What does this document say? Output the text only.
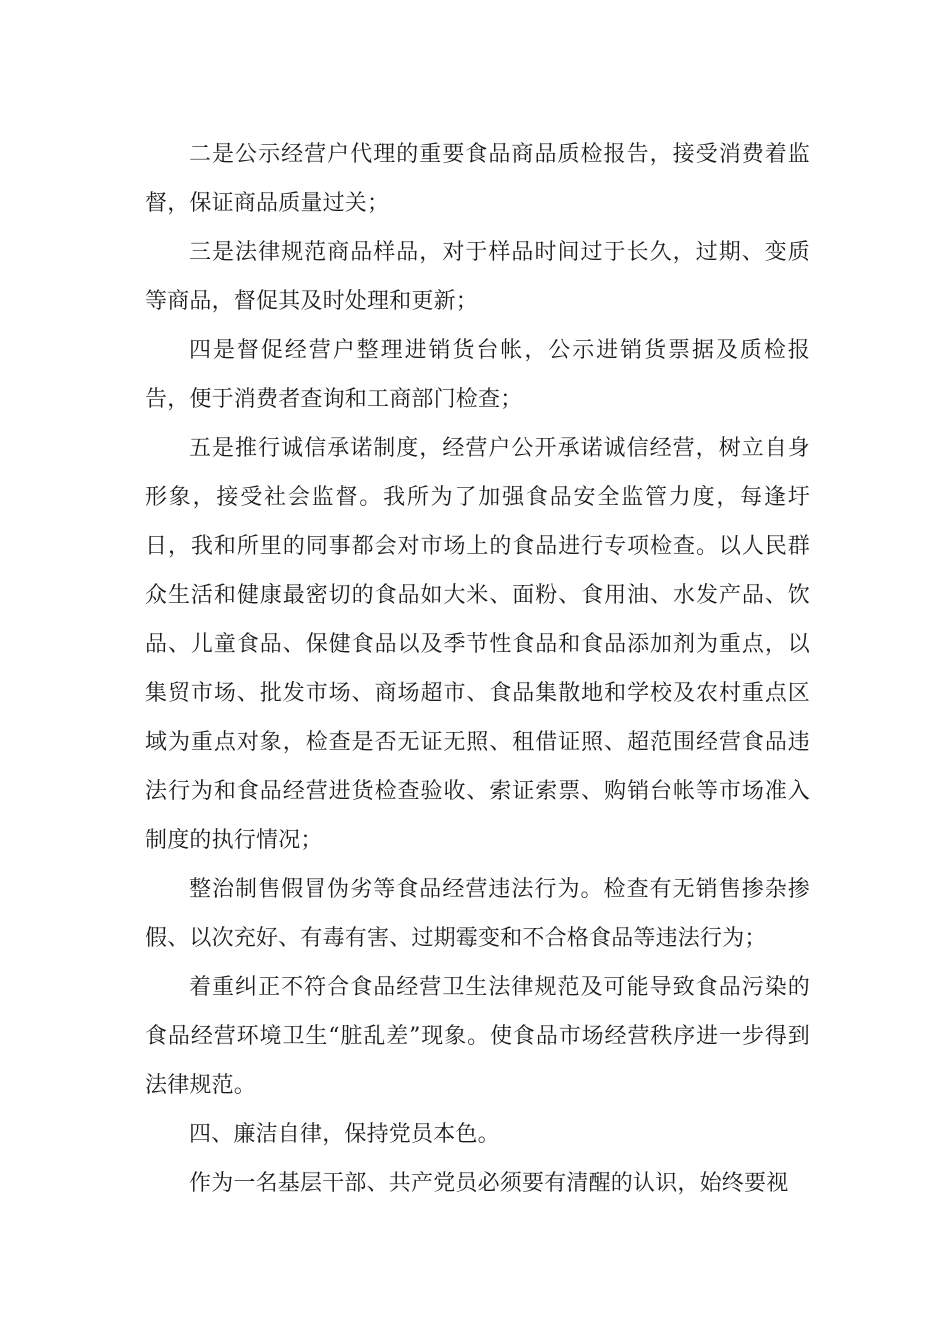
二是公示经营户代理的重要食品商品质检报告，接受消费着监督，保证商品质量过关；

三是法律规范商品样品，对于样品时间过于长久，过期、变质等商品，督促其及时处理和更新；

四是督促经营户整理进销货台帐，公示进销货票据及质检报告，便于消费者查询和工商部门检查；

五是推行诚信承诺制度，经营户公开承诺诚信经营，树立自身形象，接受社会监督。我所为了加强食品安全监管力度，每逢圩日，我和所里的同事都会对市场上的食品进行专项检查。以人民群众生活和健康最密切的食品如大米、面粉、食用油、水发产品、饮品、儿童食品、保健食品以及季节性食品和食品添加剂为重点，以集贸市场、批发市场、商场超市、食品集散地和学校及农村重点区域为重点对象，检查是否无证无照、租借证照、超范围经营食品违法行为和食品经营进货检查验收、索证索票、购销台帐等市场准入制度的执行情况；

整治制售假冒伪劣等食品经营违法行为。检查有无销售掺杂掺假、以次充好、有毒有害、过期霉变和不合格食品等违法行为；

着重纠正不符合食品经营卫生法律规范及可能导致食品污染的食品经营环境卫生“脏乱差”现象。使食品市场经营秩序进一步得到法律规范。

四、廉洁自律，保持党员本色。

作为一名基层干部、共产党员必须要有清醒的认识，始终要视
